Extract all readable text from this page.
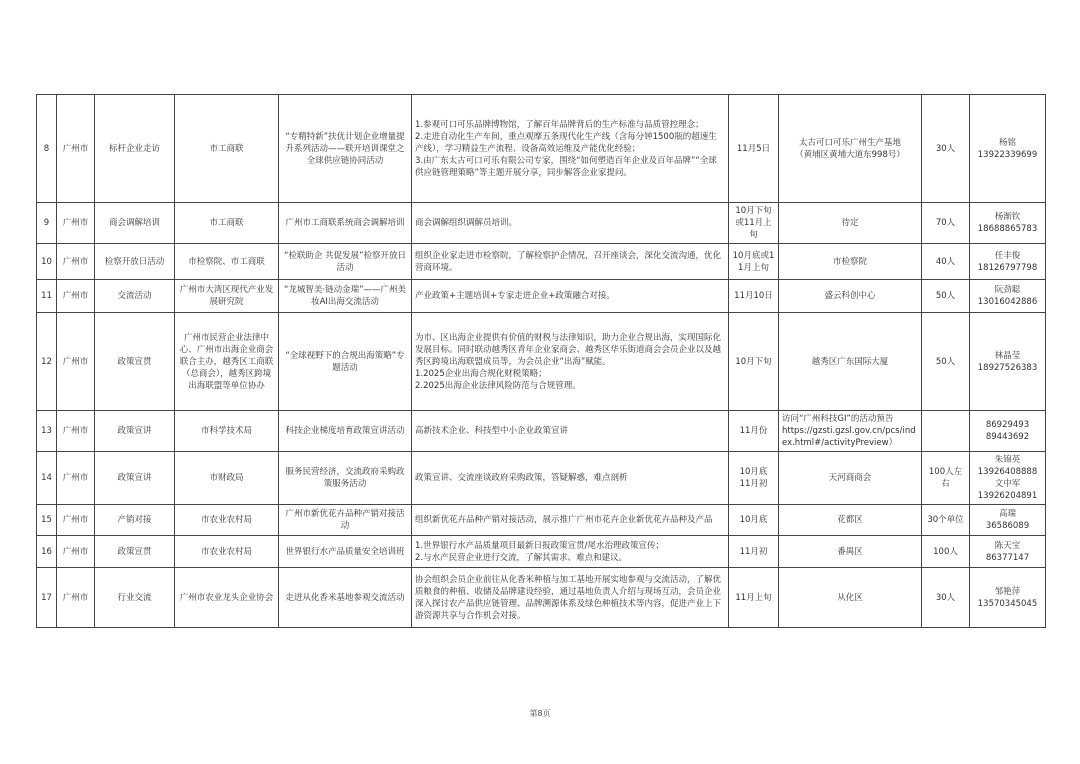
8	广州市	标杆企业走访	市工商联	“专精特新”扶优计划企业增量提升系列活动——联开培训课堂之全球供应链协同活动	1.参观可口可乐品牌博物馆，了解百年品牌背后的生产标准与品质管控理念；
2.走进自动化生产车间，重点观摩五条现代化生产线（含每分钟1500瓶的超速生产线），学习精益生产流程、设备高效运维及产能优化经验；
3.由广东太古可口可乐有限公司专家，围绕“如何塑造百年企业及百年品牌”“全球供应链管理策略”等主题开展分享，同步解答企业家提问。	11月5日	太古可口可乐广州生产基地
（黄埔区黄埔大道东998号）	30人	杨铭
13922339699
9	广州市	商会调解培训	市工商联	广州市工商联系统商会调解培训	商会调解组织调解员培训。	10月下旬或11月上旬	待定	70人	杨渐钦
18688865783
10	广州市	检察开放日活动	市检察院、市工商联	“检联助企 共促发展”检察开放日活动	组织企业家走进市检察院，了解检察护企情况，召开座谈会，深化交流沟通，优化营商环境。	10月底或11月上旬	市检察院	40人	任丰俊
18126797798
11	广州市	交流活动	广州市大湾区现代产业发展研究院	“龙城智美·链动金瑞”——广州美妆AI出海交流活动	产业政策+主题培训+专家走进企业+政策融合对接。	11月10日	盛云科创中心	50人	阮劲聪
13016042886
12	广州市	政策宣贯	广州市民营企业法律中心、广州市出海企业商会联合主办，越秀区工商联（总商会），越秀区跨境出海联盟等单位协办	“全球视野下的合规出海策略”专题活动	为市、区出海企业提供有价值的财税与法律知识，助力企业合规出海，实现国际化发展目标。同时联动越秀区青年企业家商会、越秀区华乐街道商会会员企业以及越秀区跨境出海联盟成员等，为会员企业“出海”赋能。
1.2025企业出海合规化财税策略；
2.2025出海企业法律风险防范与合规管理。	10月下旬	越秀区广东国际大厦	50人	林晶莹
18927526383
13	广州市	政策宣讲	市科学技术局	科技企业梯度培育政策宣讲活动	高新技术企业、科技型中小企业政策宣讲	11月份	访问“广州科技GI”的活动预告
https://gzsti.gzsl.gov.cn/pcs/index.html#/activityPreview）		86929493
89443692
14	广州市	政策宣讲	市财政局	服务民营经济，交流政府采购政策服务活动	政策宣讲、交流座谈政府采购政策，答疑解惑，难点剖析	10月底
11月初	天河商商会	100人左右	朱锦英
13926408888
文中军
13926204891
15	广州市	产销对接	市农业农村局	广州市新优花卉品种产销对接活动	组织新优花卉品种产销对接活动，展示推广广州市花卉企业新优花卉品种及产品	10月底	花都区	30个单位	高瑞
36586089
16	广州市	政策宣贯	市农业农村局	世界银行水产品质量安全培训班	1.世界银行水产品质量项目最新日报政策宣贯/尾水治理政策宣传；
2.与水产民营企业进行交流，了解其需求、难点和建议。	11月初	番禺区	100人	陈天宝
86377147
17	广州市	行业交流	广州市农业龙头企业协会	走进从化香米基地参观交流活动	协会组织会员企业前往从化香米种植与加工基地开展实地参观与交流活动，了解优质粮食的种植、收储及品牌建设经验，通过基地负责人介绍与现场互动，会员企业深入探讨农产品供应链管理、品牌溯源体系及绿色种植技术等内容，促进产业上下游资源共享与合作机会对接。	11月上旬	从化区	30人	邹艳萍
13570345045
第8页
